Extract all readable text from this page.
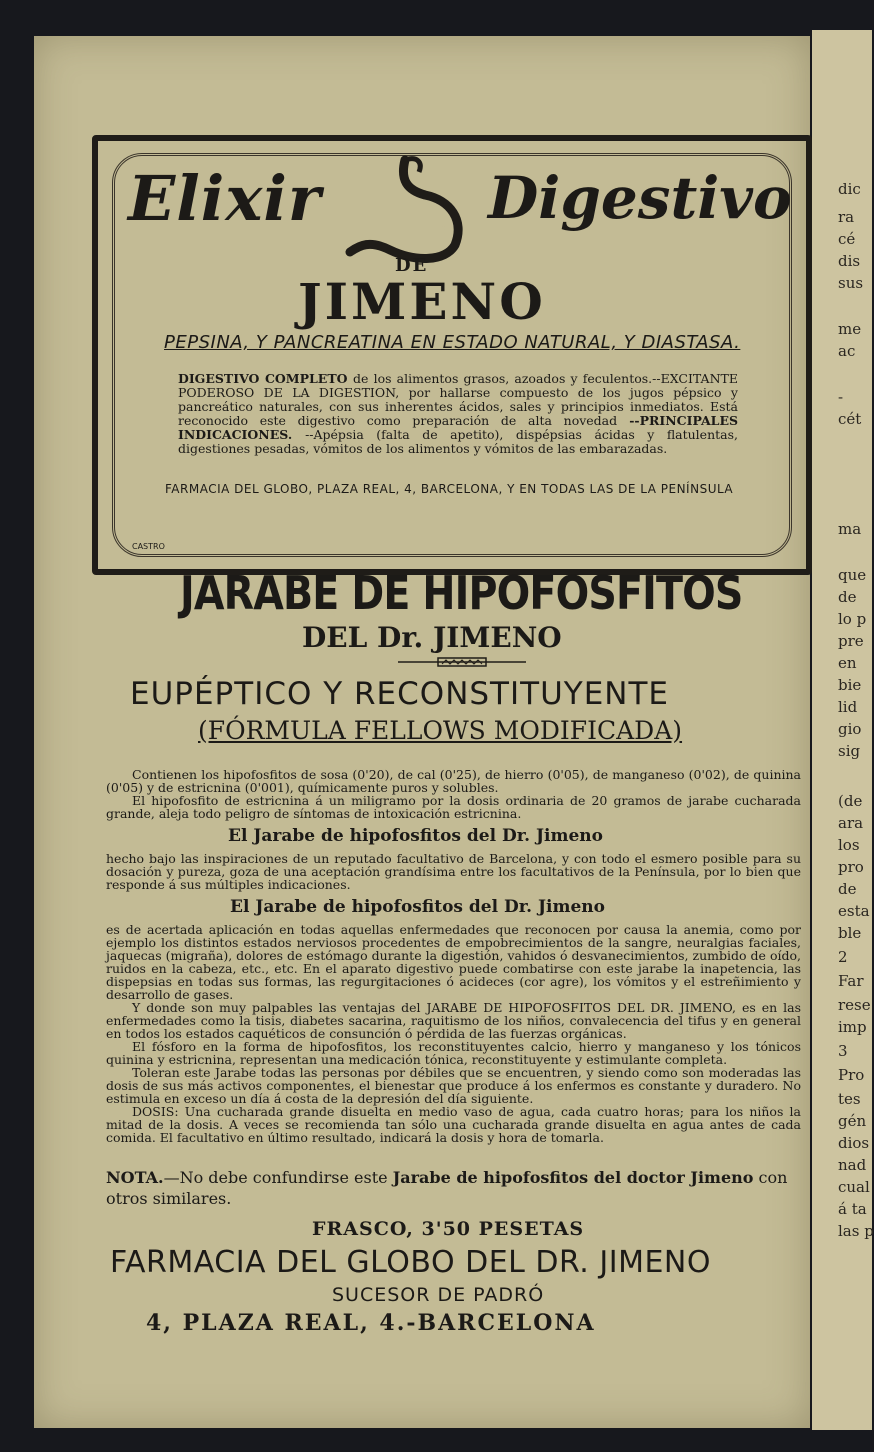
dic
ra
cé
dis
sus
me
ac
-
cét
ma
que
de
lo p
pre
en
bie
lid
gio
sig
(de
ara
los
pro
de
esta
ble
2
Far
rese
imp
3
Pro
tes
gén
dios
nad
cual
á ta
las p
Elixir	Digestivo
DE
JIMENO
PEPSINA, Y PANCREATINA EN ESTADO NATURAL, Y DIASTASA.
DIGESTIVO COMPLETO de los alimentos grasos, azoados y feculentos.--EXCITANTE PODEROSO DE LA DIGESTION, por hallarse compuesto de los jugos pépsico y pancreático naturales, con sus inherentes ácidos, sales y principios inmediatos. Está reconocido este digestivo como preparación de alta novedad --PRINCIPALES INDICACIONES. --Apépsia (falta de apetito), dispépsias ácidas y flatulentas, digestiones pesadas, vómitos de los alimentos y vómitos de las embarazadas.
FARMACIA DEL GLOBO, PLAZA REAL, 4, BARCELONA, Y EN TODAS LAS DE LA PENÍNSULA
CASTRO
JARABE DE HIPOFOSFITOS
DEL Dr. JIMENO
EUPÉPTICO Y RECONSTITUYENTE
(FÓRMULA FELLOWS MODIFICADA)

Contienen los hipofosfitos de sosa (0'20), de cal (0'25), de hierro (0'05), de manganeso (0'02), de quinina (0'05) y de estricnina (0'001), químicamente puros y solubles.

El hipofosfito de estricnina á un miligramo por la dosis ordinaria de 20 gramos de jarabe cucharada grande, aleja todo peligro de síntomas de intoxicación estricnina.

El Jarabe de hipofosfitos del Dr. Jimeno

hecho bajo las inspiraciones de un reputado facultativo de Barcelona, y con todo el esmero posible para su dosación y pureza, goza de una aceptación grandísima entre los facultativos de la Península, por lo bien que responde á sus múltiples indicaciones.

El Jarabe de hipofosfitos del Dr. Jimeno

es de acertada aplicación en todas aquellas enfermedades que reconocen por causa la anemia, como por ejemplo los distintos estados nerviosos procedentes de empobrecimientos de la sangre, neuralgias faciales, jaquecas (migraña), dolores de estómago durante la digestión, vahidos ó desvanecimientos, zumbido de oído, ruidos en la cabeza, etc., etc. En el aparato digestivo puede combatirse con este jarabe la inapetencia, las dispepsias en todas sus formas, las regurgitaciones ó acideces (cor agre), los vómitos y el estreñimiento y desarrollo de gases.

Y donde son muy palpables las ventajas del JARABE DE HIPOFOSFITOS DEL DR. JIMENO, es en las enfermedades como la tisis, diabetes sacarina, raquitismo de los niños, convalecencia del tifus y en general en todos los estados caquéticos de consunción ó pérdida de las fuerzas orgánicas.

El fósforo en la forma de hipofosfitos, los reconstituyentes calcio, hierro y manganeso y los tónicos quinina y estricnina, representan una medicación tónica, reconstituyente y estimulante completa.

Toleran este Jarabe todas las personas por débiles que se encuentren, y siendo como son moderadas las dosis de sus más activos componentes, el bienestar que produce á los enfermos es constante y duradero. No estimula en exceso un día á costa de la depresión del día siguiente.

DOSIS: Una cucharada grande disuelta en medio vaso de agua, cada cuatro horas; para los niños la mitad de la dosis. A veces se recomienda tan sólo una cucharada grande disuelta en agua antes de cada comida. El facultativo en último resultado, indicará la dosis y hora de tomarla.

NOTA.—No debe confundirse este Jarabe de hipofosfitos del doctor Jimeno con otros similares.
FRASCO, 3'50 PESETAS
FARMACIA DEL GLOBO DEL DR. JIMENO
SUCESOR DE PADRÓ
4, PLAZA REAL, 4.-BARCELONA
